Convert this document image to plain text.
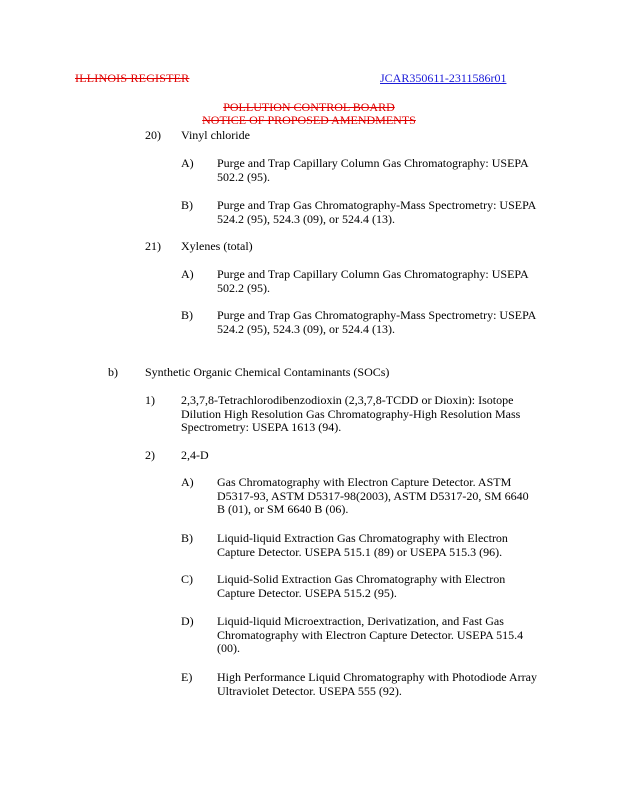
ILLINOIS REGISTER	JCAR350611-2311586r01
POLLUTION CONTROL BOARD
NOTICE OF PROPOSED AMENDMENTS
20) Vinyl chloride
A) Purge and Trap Capillary Column Gas Chromatography: USEPA
502.2 (95).
B) Purge and Trap Gas Chromatography-Mass Spectrometry: USEPA
524.2 (95), 524.3 (09), or 524.4 (13).
21) Xylenes (total)
A) Purge and Trap Capillary Column Gas Chromatography: USEPA
502.2 (95).
B) Purge and Trap Gas Chromatography-Mass Spectrometry: USEPA
524.2 (95), 524.3 (09), or 524.4 (13).
b) Synthetic Organic Chemical Contaminants (SOCs)
1) 2,3,7,8-Tetrachlorodibenzodioxin (2,3,7,8-TCDD or Dioxin): Isotope
Dilution High Resolution Gas Chromatography-High Resolution Mass
Spectrometry: USEPA 1613 (94).
2) 2,4-D
A) Gas Chromatography with Electron Capture Detector. ASTM
D5317-93, ASTM D5317-98(2003), ASTM D5317-20, SM 6640
B (01), or SM 6640 B (06).
B) Liquid-liquid Extraction Gas Chromatography with Electron
Capture Detector. USEPA 515.1 (89) or USEPA 515.3 (96).
C) Liquid-Solid Extraction Gas Chromatography with Electron
Capture Detector. USEPA 515.2 (95).
D) Liquid-liquid Microextraction, Derivatization, and Fast Gas
Chromatography with Electron Capture Detector. USEPA 515.4
(00).
E) High Performance Liquid Chromatography with Photodiode Array
Ultraviolet Detector. USEPA 555 (92).
